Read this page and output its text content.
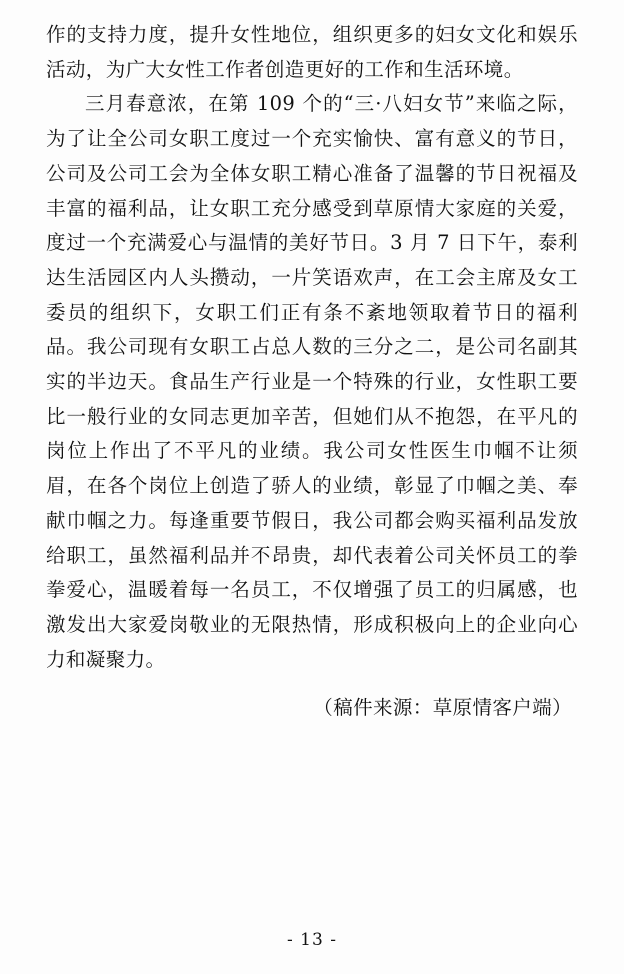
作的支持力度，提升女性地位，组织更多的妇女文化和娱乐活动，为广大女性工作者创造更好的工作和生活环境。

三月春意浓，在第 109 个的“三·八妇女节”来临之际，为了让全公司女职工度过一个充实愉快、富有意义的节日，公司及公司工会为全体女职工精心准备了温馨的节日祝福及丰富的福利品，让女职工充分感受到草原情大家庭的关爱，度过一个充满爱心与温情的美好节日。3 月 7 日下午，泰利达生活园区内人头攒动，一片笑语欢声，在工会主席及女工委员的组织下，女职工们正有条不紊地领取着节日的福利品。我公司现有女职工占总人数的三分之二，是公司名副其实的半边天。食品生产行业是一个特殊的行业，女性职工要比一般行业的女同志更加辛苦，但她们从不抱怨，在平凡的岗位上作出了不平凡的业绩。我公司女性医生巾帼不让须眉，在各个岗位上创造了骄人的业绩，彰显了巾帼之美、奉献巾帼之力。每逢重要节假日，我公司都会购买福利品发放给职工，虽然福利品并不昂贵，却代表着公司关怀员工的拳拳爱心，温暖着每一名员工，不仅增强了员工的归属感，也激发出大家爱岗敬业的无限热情，形成积极向上的企业向心力和凝聚力。

（稿件来源：草原情客户端）
- 13 -
